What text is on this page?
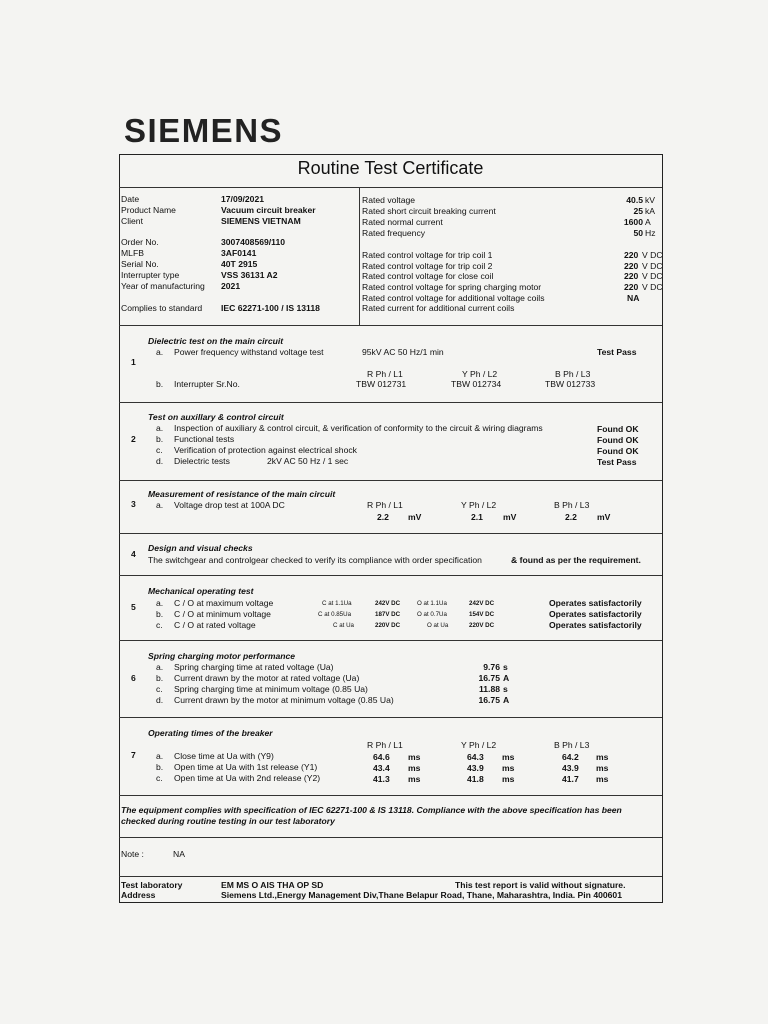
SIEMENS
Routine Test Certificate
Date	17/09/2021
Product Name	Vacuum circuit breaker
Client	SIEMENS VIETNAM
Order No.	3007408569/110
MLFB	3AF0141
Serial No.	40T 2915
Interrupter type	VSS 36131 A2
Year of manufacturing 2021
Complies to standard IEC 62271-100 / IS 13118
Rated voltage	40.5 kV
Rated short circuit breaking current	25 kA
Rated normal current	1600 A
Rated frequency	50 Hz
Rated control voltage for trip coil 1	220 V DC
Rated control voltage for trip coil 2	220 V DC
Rated control voltage for close coil	220 V DC
Rated control voltage for spring charging motor	220 V DC
Rated control voltage for additional voltage coils	NA
Rated current for additional current coils
Dielectric test on the main circuit
1
a. Power frequency withstand voltage test	95kV AC 50 Hz/1 min	Test Pass
R Ph / L1	Y Ph / L2	B Ph / L3
b. Interrupter Sr.No.	TBW 012731	TBW 012734	TBW 012733
Test on auxillary & control circuit
2
a. Inspection of auxiliary & control circuit, & verification of conformity to the circuit & wiring diagrams	Found OK
b. Functional tests	Found OK
c. Verification of protection against electrical shock	Found OK
d. Dielectric tests	2kV AC 50 Hz / 1 sec	Test Pass
Measurement of resistance of the main circuit
3 a. Voltage drop test at 100A DC	R Ph / L1	Y Ph / L2	B Ph / L3
2.2 mV	2.1 mV	2.2 mV
Design and visual checks
4
The switchgear and controlgear checked to verify its compliance with order specification	& found as per the requirement.
Mechanical operating test
5 a. C / O at maximum voltage	C at 1.1Ua	242V DC	O at 1.1Ua	242V DC	Operates satisfactorily
b. C / O at minimum voltage	C at 0.85Ua	187V DC	O at 0.7Ua	154V DC	Operates satisfactorily
c. C / O at rated voltage	C at Ua	220V DC	O at Ua	220V DC	Operates satisfactorily
Spring charging motor performance
6
a. Spring charging time at rated voltage (Ua)	9.76 s
b. Current drawn by the motor at rated voltage (Ua)	16.75 A
c. Spring charging time at minimum voltage (0.85 Ua)	11.88 s
d. Current drawn by the motor at minimum voltage (0.85 Ua)	16.75 A
Operating times of the breaker
R Ph / L1	Y Ph / L2	B Ph / L3
7 a. Close time at Ua with (Y9)	64.6 ms	64.3 ms	64.2 ms
b. Open time at Ua with 1st release (Y1)	43.4 ms	43.9 ms	43.9 ms
c. Open time at Ua with 2nd release (Y2)	41.3 ms	41.8 ms	41.7 ms
The equipment complies with specification of IEC 62271-100 & IS 13118. Compliance with the above specification has been
checked during routine testing in our test laboratory
Note :	NA
Test laboratory	EM MS O AIS THA OP SD	This test report is valid without signature.
Address	Siemens Ltd.,Energy Management Div,Thane Belapur Road, Thane, Maharashtra, India. Pin 400601
